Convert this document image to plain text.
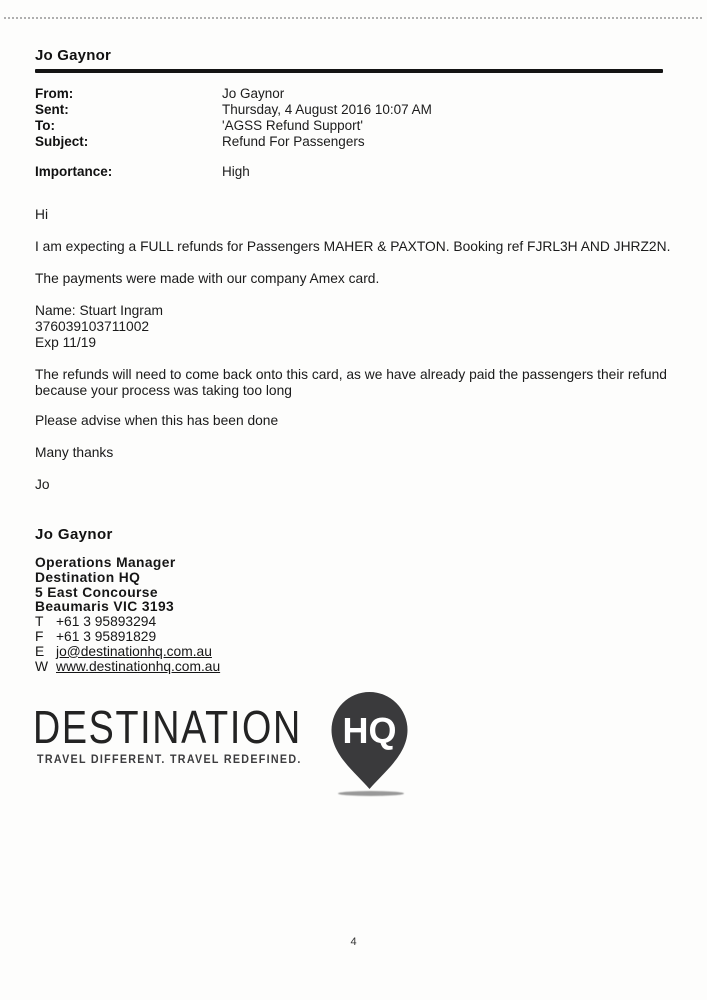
Jo Gaynor
From:	Jo Gaynor
Sent:	Thursday, 4 August 2016 10:07 AM
To:	'AGSS Refund Support'
Subject:	Refund For Passengers
Importance:	High
Hi
I am expecting a FULL refunds for Passengers MAHER & PAXTON. Booking ref FJRL3H AND JHRZ2N.
The payments were made with our company Amex card.
Name: Stuart Ingram
376039103711002
Exp 11/19
The refunds will need to come back onto this card, as we have already paid the passengers their refund because your process was taking too long
Please advise when this has been done
Many thanks
Jo
Jo Gaynor
Operations Manager
Destination HQ
5 East Concourse
Beaumaris VIC 3193
T +61 3 95893294
F +61 3 95891829
E jo@destinationhq.com.au
W www.destinationhq.com.au
DESTINATION
TRAVEL DIFFERENT. TRAVEL REDEFINED.
HQ
4
